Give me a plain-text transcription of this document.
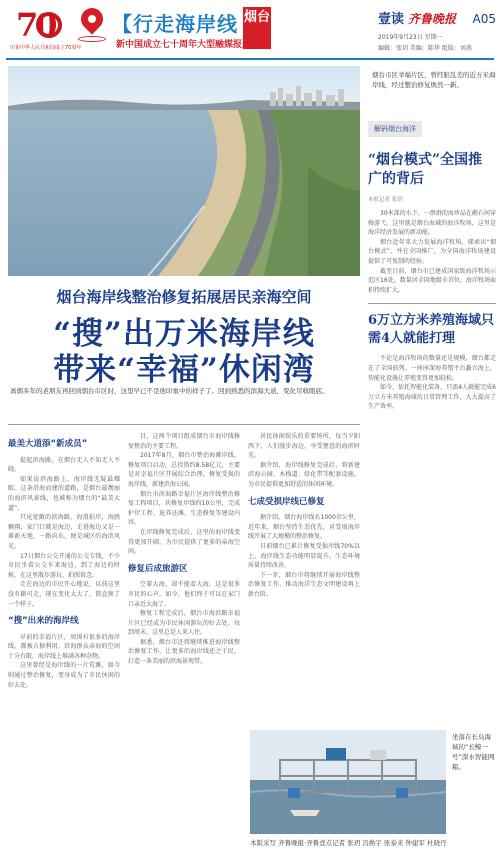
70
庆祝中华人民共和国成立70周年
【行走海岸线 烟台
新中国成立七十周年大型融媒报道
壹读 齐鲁晚报 A05
2019年9月23日 星期一
编辑：张玥 美编：陈华 组版：刘燕
烟台市区幸福片区，曾经脏乱差的近万米海岸线，经过整治修复焕然一新。
烟台海岸线整治修复拓展居民亲海空间
“搜”出万米海岸线
带来“幸福”休闲湾
离烟多年的老朋友再回到烟台市区时，这里早已不是他印象中的样子了。回到熟悉的滨海大道，变化尽收眼底。
最美大道添“新成员”

提起滨海路，在烟台无人不知无人不晓。

如果说滨海路上，海岸线无疑最耀眼。这条沿海而建的道路，是烟台最靓丽的海滨风景线，也被称为烟台的“最美大道”。

只见宽敞的滨海路，海浪拍岸，海鸥翱翔，家门口就是海边，走进海边又是一番新天地，一路向东，便是城区的海滨风光。

17日烟台公交开通的公交专线，不少市民坐着公交车来海边，到了海边的时候，在这里散步游玩、拍照留念。

走在海边的市民开心地说，以前这里没有路可走，现在变化太大了，简直换了一个样子。

“搜”出来的海岸线

早前的幸福片区，周围有很多的海岸线，都被占据利用，沿海群众亲海的空间十分有限，海岸线上堆满各种杂物。

这里曾经是海岸线的一片荒滩，如今则通过整治修复，变身成为了市民休闲的好去处。

目，这两个项目组成烟台市海岸线修复整治的主要工程。

2017年8月，烟台市整治海滩岸线，修复项目启动，总投资约8.58亿元，主要是对幸福片区开展综合治理，修复受损的海岸线，新建滨海公园。

烟台市滨海路幸福片区海岸线整治修复工程项目，共修复岸线约10公里，完成护岸工程、退养还滩、生态修复等建设内容。

在岸线修复完成后，这里的海岸线变得更加开阔，为市民提供了更多的亲海空间。

修复后成旅游区

空着大海，却不能看大海，这是很多市民的心声。如今，他们终于可以在家门口亲近大海了。

修复工程完成后，烟台市海滨路幸福片区已经成为市民休闲游玩的好去处，每到周末，这里总是人来人往。

据悉，烟台市还将继续推进海岸线整治修复工作，让更多的海岸线还之于民，打造一条美丽的滨海景观带。

居民休闲娱乐的重要场所，每当夕阳西下，人们漫步海边，享受惬意的海滨时光。

据介绍，海岸线修复完成后，将新建滨海公园、木栈道、绿化带等配套设施，为市民提供更加舒适的休闲环境。

七成受损岸线已修复

据介绍，烟台海岸线长1000余公里，近年来，烟台坚持生态优先，对受损海岸线开展了大规模的整治修复。

目前烟台已累计修复受损岸线70%以上，海岸线生态功能明显提升，生态环境质量持续改善。

下一步，烟台市将继续开展海岸线整治修复工作，推动海洋生态文明建设再上新台阶。

解码烟台海洋
“烟台模式”全国推广的背后
本报记者 张玥

30米深的水下，一群群的海珍品在礁石间穿梭游弋。这里就是烟台海域的海洋牧场，这里是海洋经济发展的新动能。

烟台近年来大力发展海洋牧场，探索出“烟台模式”，并在全国推广，为全国海洋牧场建设提供了可复制的经验。

截至目前，烟台市已建成国家级海洋牧场示范区16处，数量居全国地级市首位，海洋牧场面积持续扩大。

6万立方米养殖海域只需4人就能打理

不论是海洋牧场的数量还是规模，烟台都走在了全国前列。一座座深海养殖平台矗立海上，智能化设施让养殖变得更加轻松。

如今，依托智能化装备，只需4人就能完成6万立方米养殖海域的日常管理工作，大大提高了生产效率。

坐落在长岛海域的“长鲸一号”深水智能网箱。
本版采写 齐鲁晚报·齐鲁壹点记者 张玥 冯焕宇 张泰来 钟建军 杜晓丹
